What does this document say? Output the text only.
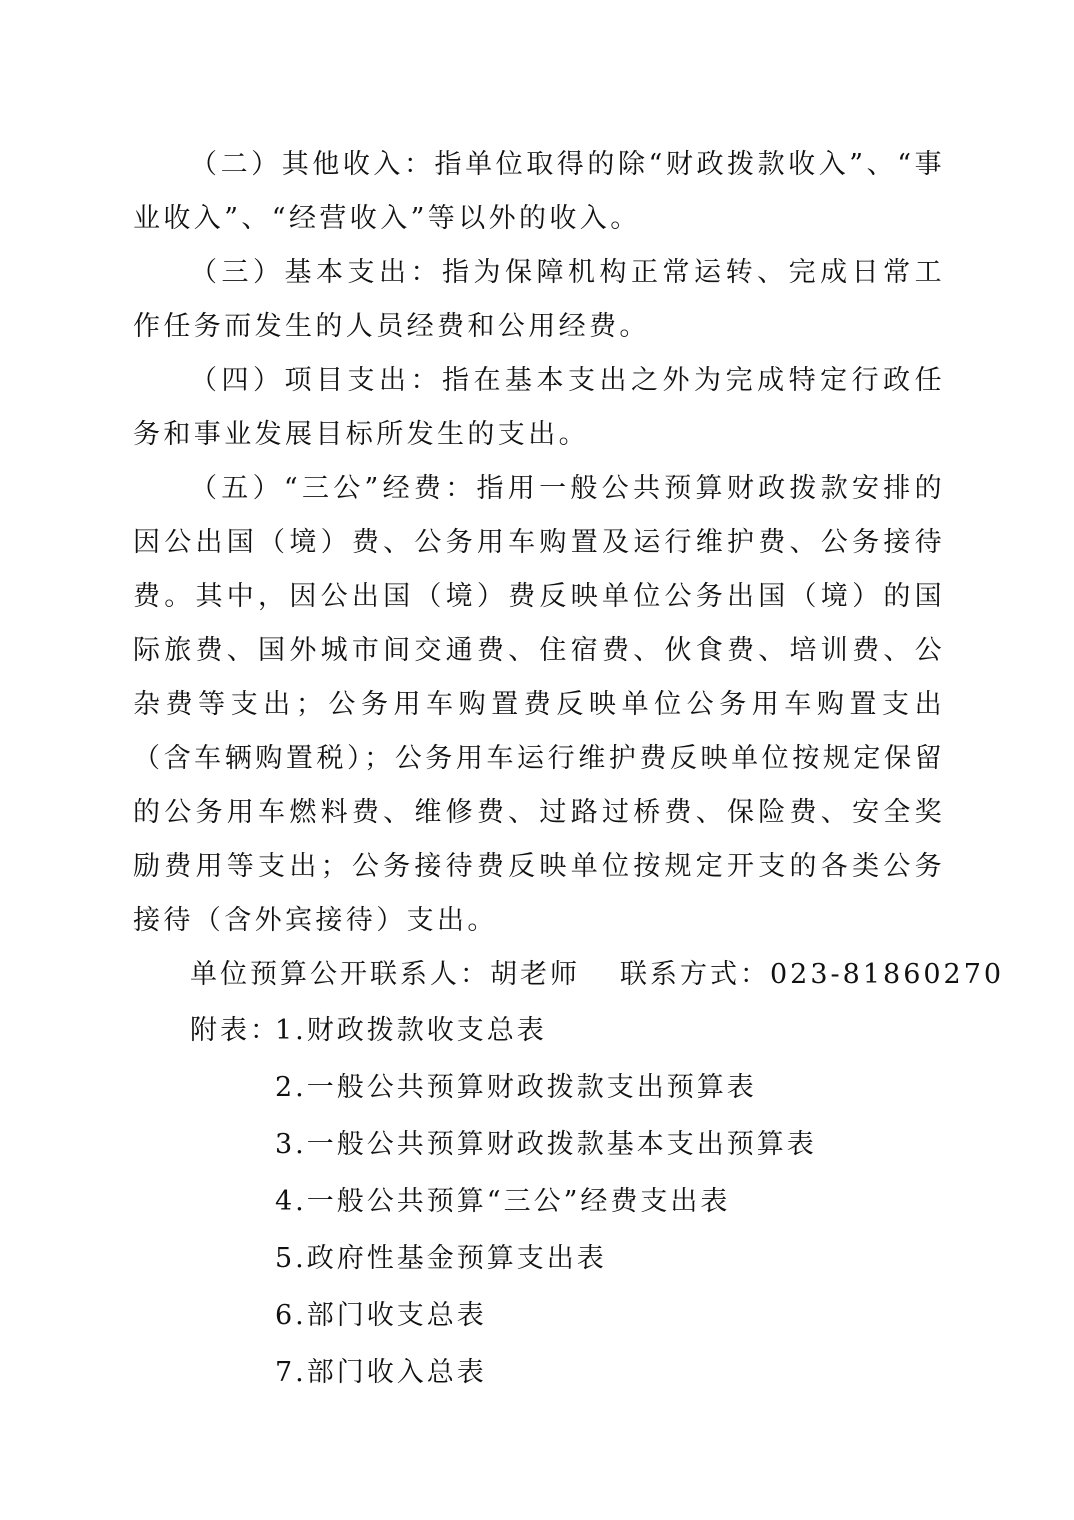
（二）其他收入：指单位取得的除“财政拨款收入”、“事业收入”、“经营收入”等以外的收入。

（三）基本支出：指为保障机构正常运转、完成日常工作任务而发生的人员经费和公用经费。

（四）项目支出：指在基本支出之外为完成特定行政任务和事业发展目标所发生的支出。

（五）“三公”经费：指用一般公共预算财政拨款安排的因公出国（境）费、公务用车购置及运行维护费、公务接待费。其中，因公出国（境）费反映单位公务出国（境）的国际旅费、国外城市间交通费、住宿费、伙食费、培训费、公杂费等支出；公务用车购置费反映单位公务用车购置支出（含车辆购置税）；公务用车运行维护费反映单位按规定保留的公务用车燃料费、维修费、过路过桥费、保险费、安全奖励费用等支出；公务接待费反映单位按规定开支的各类公务接待（含外宾接待）支出。

单位预算公开联系人：胡老师 联系方式：023-81860270

附表：
1.财政拨款收支总表
2.一般公共预算财政拨款支出预算表
3.一般公共预算财政拨款基本支出预算表
4.一般公共预算“三公”经费支出表
5.政府性基金预算支出表
6.部门收支总表
7.部门收入总表
